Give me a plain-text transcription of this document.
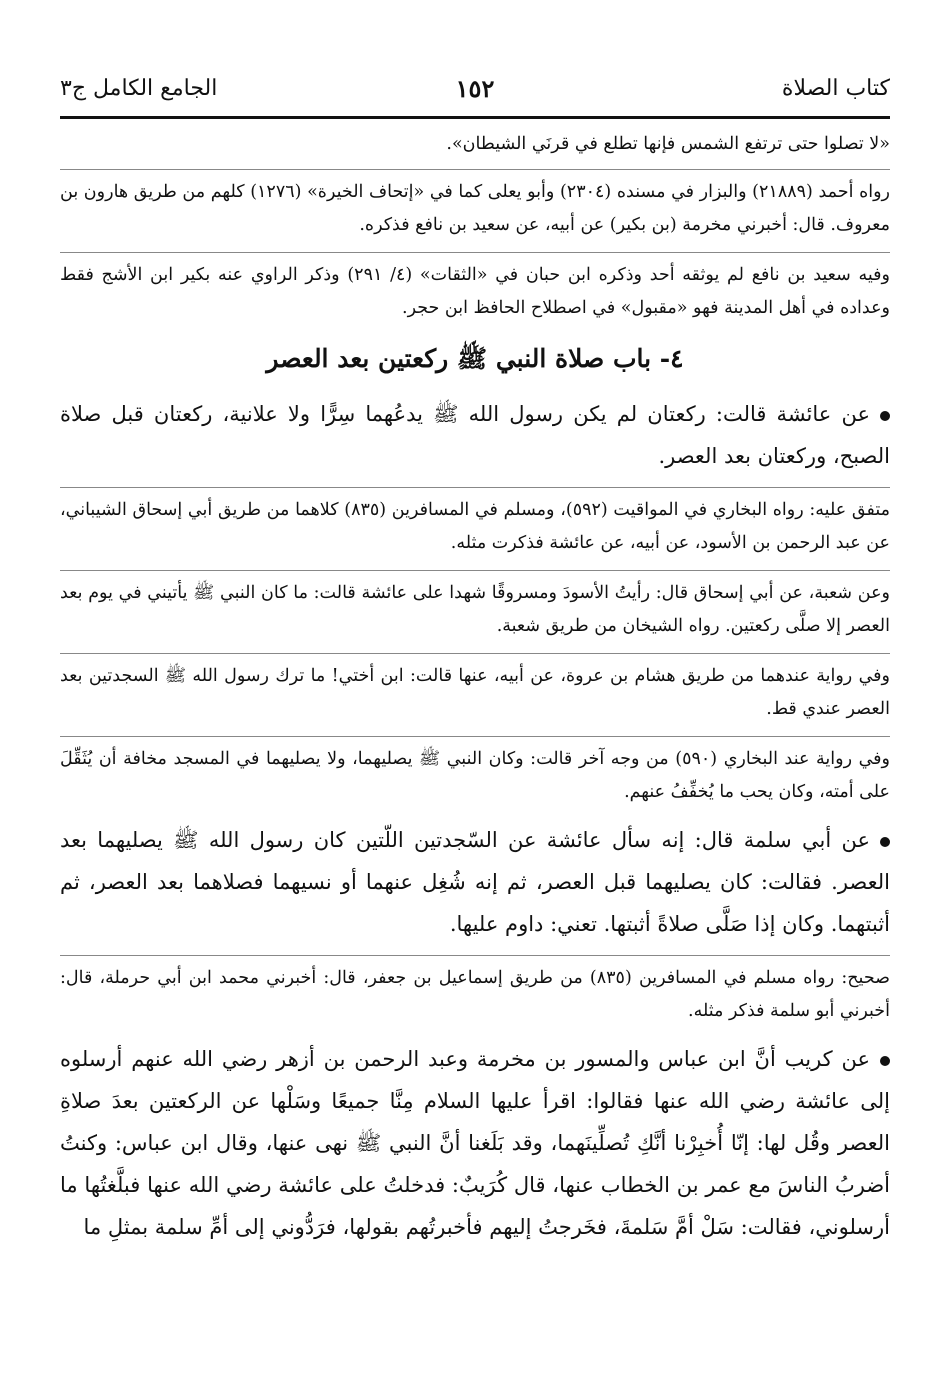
كتاب الصلاة
١٥٢
الجامع الكامل ج٣

«لا تصلوا حتى ترتفع الشمس فإنها تطلع في قرنَي الشيطان».

رواه أحمد (٢١٨٨٩) والبزار في مسنده (٢٣٠٤) وأبو يعلى كما في «إتحاف الخيرة» (١٢٧٦) كلهم من طريق هارون بن معروف. قال: أخبرني مخرمة (بن بكير) عن أبيه، عن سعيد بن نافع فذكره.

وفيه سعيد بن نافع لم يوثقه أحد وذكره ابن حبان في «الثقات» (٤/ ٢٩١) وذكر الراوي عنه بكير ابن الأشج فقط وعداده في أهل المدينة فهو «مقبول» في اصطلاح الحافظ ابن حجر.

٤- باب صلاة النبي ﷺ ركعتين بعد العصر

عن عائشة قالت: ركعتان لم يكن رسول الله ﷺ يدعُهما سِرًّا ولا علانية، ركعتان قبل صلاة الصبح، وركعتان بعد العصر.

متفق عليه: رواه البخاري في المواقيت (٥٩٢)، ومسلم في المسافرين (٨٣٥) كلاهما من طريق أبي إسحاق الشيباني، عن عبد الرحمن بن الأسود، عن أبيه، عن عائشة فذكرت مثله.

وعن شعبة، عن أبي إسحاق قال: رأيتُ الأسودَ ومسروقًا شهدا على عائشة قالت: ما كان النبي ﷺ يأتيني في يوم بعد العصر إلا صلَّى ركعتين. رواه الشيخان من طريق شعبة.

وفي رواية عندهما من طريق هشام بن عروة، عن أبيه، عنها قالت: ابن أختي! ما ترك رسول الله ﷺ السجدتين بعد العصر عندي قط.

وفي رواية عند البخاري (٥٩٠) من وجه آخر قالت: وكان النبي ﷺ يصليهما، ولا يصليهما في المسجد مخافة أن يُثَقِّلَ على أمته، وكان يحب ما يُخفِّفُ عنهم.

عن أبي سلمة قال: إنه سأل عائشة عن السّجدتين اللّتين كان رسول الله ﷺ يصليهما بعد العصر. فقالت: كان يصليهما قبل العصر، ثم إنه شُغِل عنهما أو نسيهما فصلاهما بعد العصر، ثم أثبتهما. وكان إذا صَلَّى صلاةً أثبتها. تعني: داوم عليها.

صحيح: رواه مسلم في المسافرين (٨٣٥) من طريق إسماعيل بن جعفر، قال: أخبرني محمد ابن أبي حرملة، قال: أخبرني أبو سلمة فذكر مثله.

عن كريب أنَّ ابن عباس والمسور بن مخرمة وعبد الرحمن بن أزهر رضي الله عنهم أرسلوه إلى عائشة رضي الله عنها فقالوا: اقرأ عليها السلام مِنَّا جميعًا وسَلْها عن الركعتين بعدَ صلاةِ العصر وقُل لها: إنّا أُخبِرْنا أنَّكِ تُصلِّينَهما، وقد بَلَغنا أنَّ النبي ﷺ نهى عنها، وقال ابن عباس: وكنتُ أضربُ الناسَ مع عمر بن الخطاب عنها، قال كُرَيبٌ: فدخلتُ على عائشة رضي الله عنها فبلَّغتُها ما أرسلوني، فقالت: سَلْ أمَّ سَلمةَ، فخَرجتُ إليهم فأخبرتُهم بقولها، فرَدُّوني إلى أمِّ سلمة بمثلِ ما
